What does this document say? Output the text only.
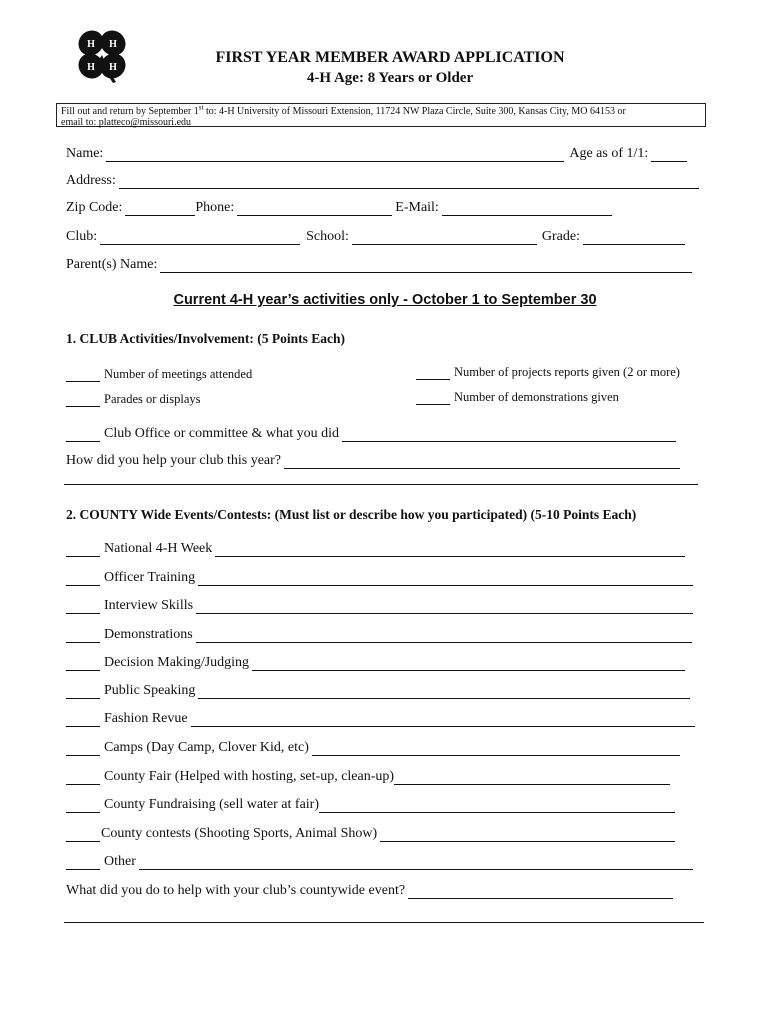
H H
H H
FIRST YEAR MEMBER AWARD APPLICATION
4-H Age: 8 Years or Older
Fill out and return by September 1st to: 4-H University of Missouri Extension, 11724 NW Plaza Circle, Suite 300, Kansas City, MO 64153 or
email to: platteco@missouri.edu
Name:	Age as of 1/1:
Address:
Zip Code:	Phone:	E-Mail:
Club:	School:	Grade:
Parent(s) Name:
Current 4-H year’s activities only - October 1 to September 30
1. CLUB Activities/Involvement: (5 Points Each)
Number of meetings attended
Parades or displays
Number of projects reports given (2 or more)
Number of demonstrations given
Club Office or committee & what you did
How did you help your club this year?
2. COUNTY Wide Events/Contests: (Must list or describe how you participated) (5-10 Points Each)
National 4-H Week
Officer Training
Interview Skills
Demonstrations
Decision Making/Judging
Public Speaking
Fashion Revue
Camps (Day Camp, Clover Kid, etc)
County Fair (Helped with hosting, set-up, clean-up)
County Fundraising (sell water at fair)
County contests (Shooting Sports, Animal Show)
Other
What did you do to help with your club’s countywide event?
